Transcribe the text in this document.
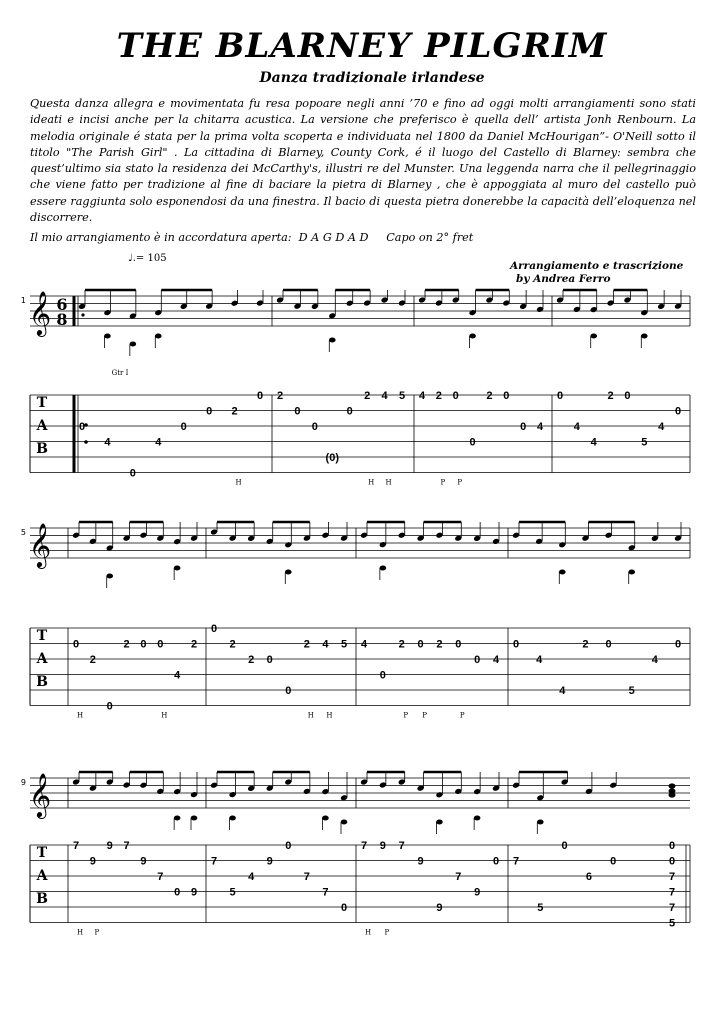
THE BLARNEY PILGRIM
Danza tradizionale irlandese

Questa danza allegra e movimentata fu resa popoare negli anni ’70 e fino ad oggi molti arrangiamenti sono stati ideati e incisi anche per la chitarra acustica. La versione che preferisco è quella dell’ artista Jonh Renbourn. La melodia originale é stata per la prima volta scoperta e individuata nel 1800 da Daniel McHourigan”- O'Neill sotto il titolo "The Parish Girl" . La cittadina di Blarney, County Cork, é il luogo del Castello di Blarney: sembra che quest’ultimo sia stato la residenza dei McCarthy's, illustri re del Munster. Una leggenda narra che il pellegrinaggio che viene fatto per tradizione al fine di baciare la pietra di Blarney , che è appoggiata al muro del castello può essere raggiunta solo esponendosi da una finestra. Il bacio di questa pietra donerebbe la capacità dell’eloquenza nel discorrere.

Il mio arrangiamento è in accordatura aperta:  D A G D A D     Capo on 2° fret
♩.= 105
Arrangiamento e trascrizione
by Andrea Ferro
1 𝄞 6
8
T
A
B
Gtr I
0
4
0
4
0
0 2
H
0 2
0
0
(0)
0
2
H
4
H
5 4 2
P
0
P
0
2 0
0 4
0
4
4
2 0
5
4
0
5 𝄞
T
A
B
0
H
2
0
2 0 0
H
4
2
0
2
2 0
0
2
H
4
H
5 4
0
2
P
0
P
2 0
P
0 4
0
4
4
2 0
5
4
0
9 𝄞
T
A
B
7
H
9
P
9 7
9
7
0 9
7
5
4
9
0
7
7
0
7
H
9
P
7
9
9
7
9
0 7
5
0
6
0
0
0
7
7
7
5
